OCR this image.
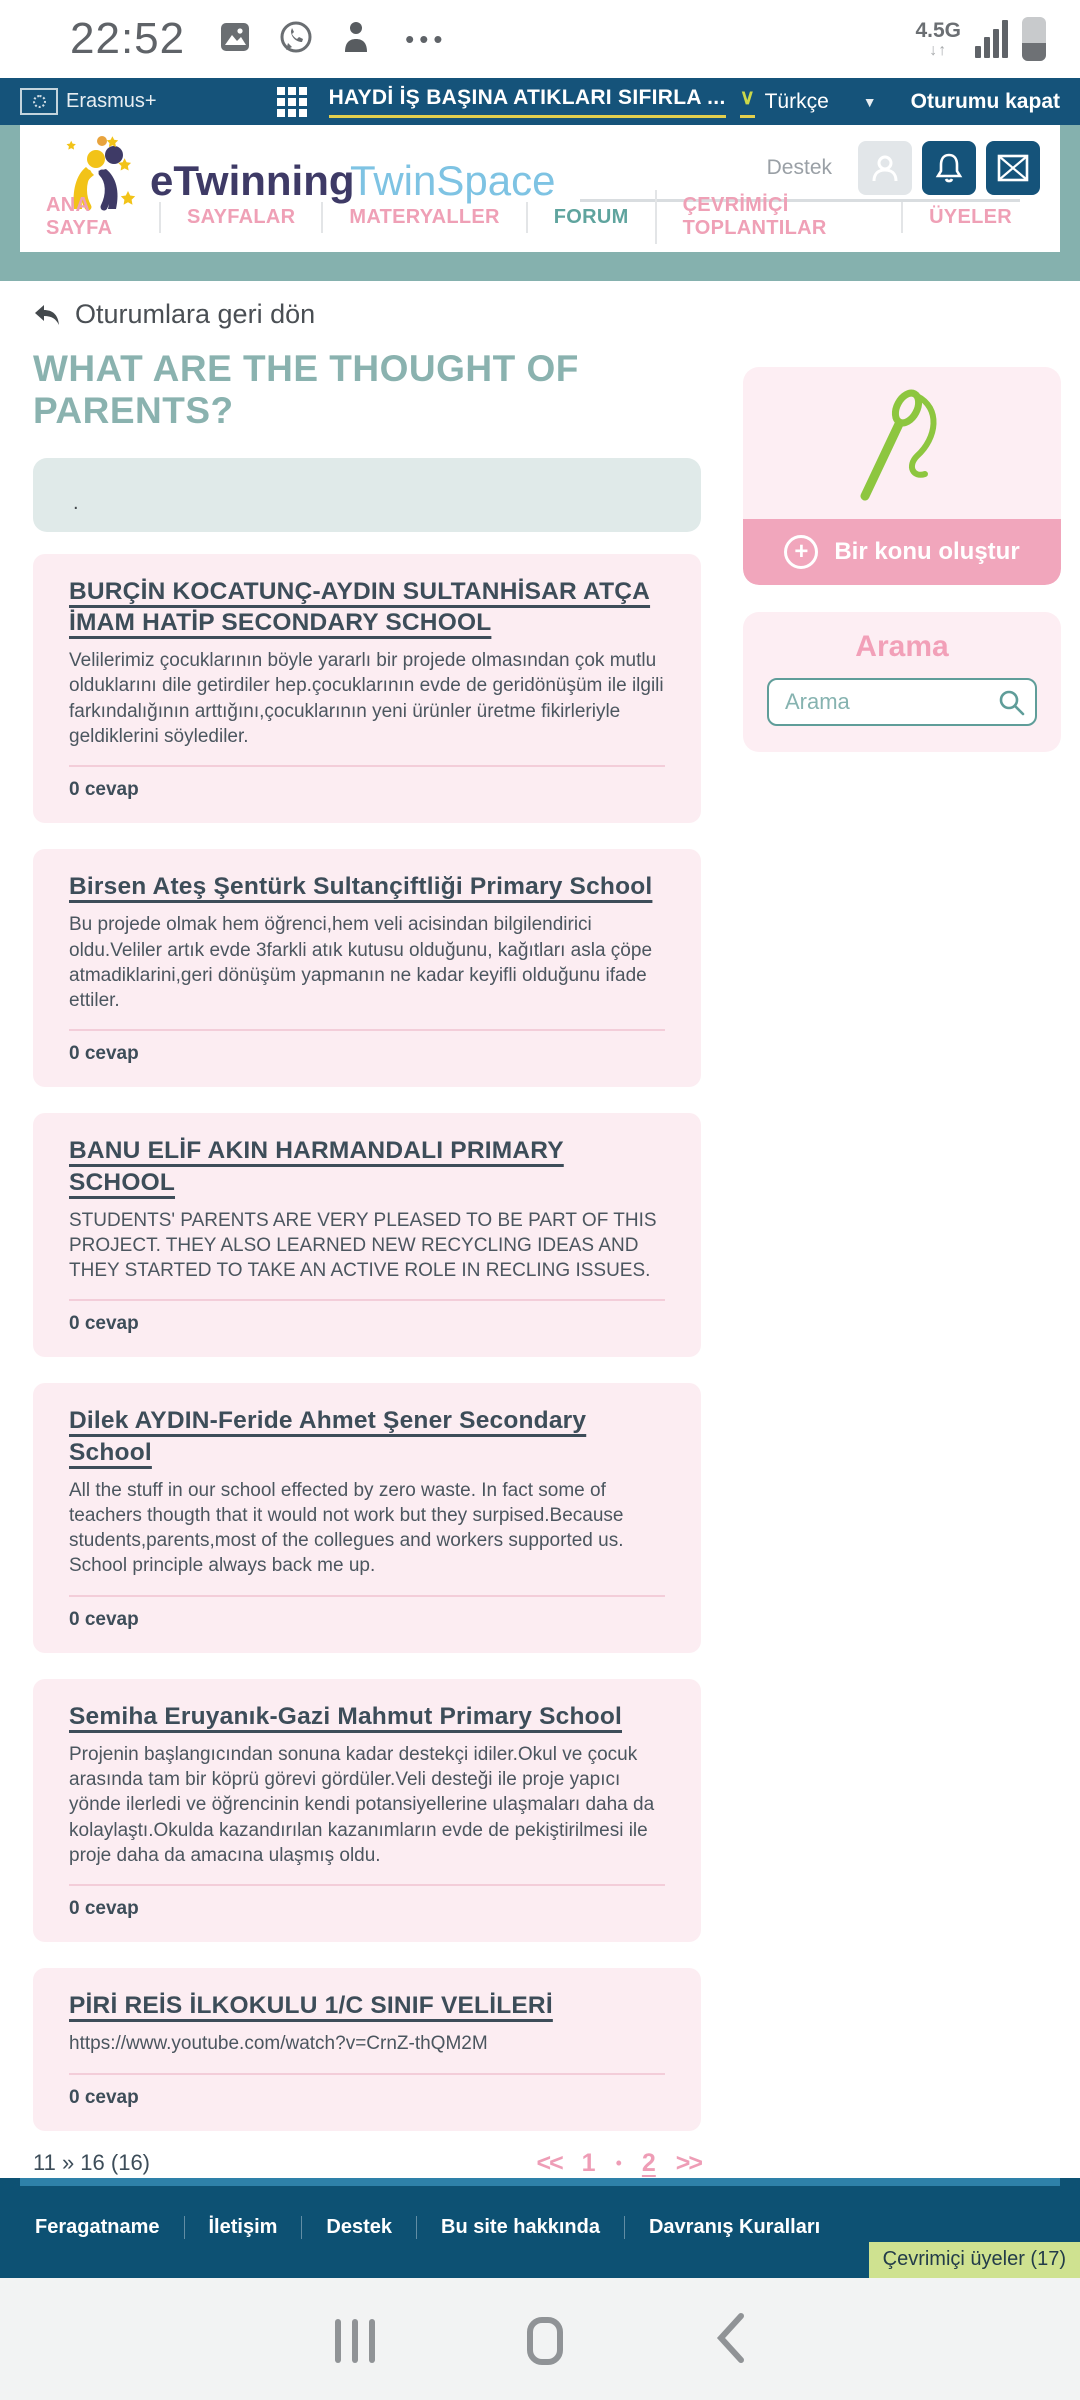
22:52	•••	4.5G
↓↑
Erasmus+	HAYDİ İŞ BAŞINA ATIKLARI SIFIRLA ... ∨ Türkçe ▼ Oturumu kapat
eTwinning
TwinSpace	Destek
ANA SAYFA
SAYFALAR	MATERYALLER	FORUM
ÇEVRİMİÇİ TOPLANTILAR
ÜYELER
Oturumlara geri dön
WHAT ARE THE THOUGHT OF PARENTS?
.
BURÇİN KOCATUNÇ-AYDIN SULTANHİSAR ATÇA İMAM HATİP SECONDARY SCHOOL

Velilerimiz çocuklarının böyle yararlı bir projede olmasından çok mutlu olduklarını dile getirdiler hep.çocuklarının evde de geridönüşüm ile ilgili farkındalığının arttığını,çocuklarının yeni ürünler üretme fikirleriyle geldiklerini söylediler.

0 cevap
Birsen Ateş Şentürk Sultançiftliği Primary School

Bu projede olmak hem öğrenci,hem veli acisindan bilgilendirici oldu.Veliler artık evde 3farkli atık kutusu olduğunu, kağıtları asla çöpe atmadiklarini,geri dönüşüm yapmanın ne kadar keyifli olduğunu ifade ettiler.

0 cevap
BANU ELİF AKIN HARMANDALI PRIMARY SCHOOL

STUDENTS' PARENTS ARE VERY PLEASED TO BE PART OF THIS PROJECT. THEY ALSO LEARNED NEW RECYCLING IDEAS AND THEY STARTED TO TAKE AN ACTIVE ROLE IN RECLING ISSUES.

0 cevap
Dilek AYDIN-Feride Ahmet Şener Secondary School

All the stuff in our school effected by zero waste. In fact some of teachers thougth that it would not work but they surpised.Because students,parents,most of the collegues and workers supported us. School principle always back me up.

0 cevap
Semiha Eruyanık-Gazi Mahmut Primary School

Projenin başlangıcından sonuna kadar destekçi idiler.Okul ve çocuk arasında tam bir köprü görevi gördüler.Veli desteği ile proje yapıcı yönde ilerledi ve öğrencinin kendi potansiyellerine ulaşmaları daha da kolaylaştı.Okulda kazandırılan kazanımların evde de pekiştirilmesi ile proje daha da amacına ulaşmış oldu.

0 cevap
PİRİ REİS İLKOKULU 1/C SINIF VELİLERİ

https://www.youtube.com/watch?v=CrnZ-thQM2M

0 cevap
11 » 16 (16)	<< 1 • 2 >>
+	Bir konu oluştur
Arama
Arama
Feragatname	İletişim	Destek	Bu site hakkında	Davranış Kuralları
Çevrimiçi üyeler (17)
